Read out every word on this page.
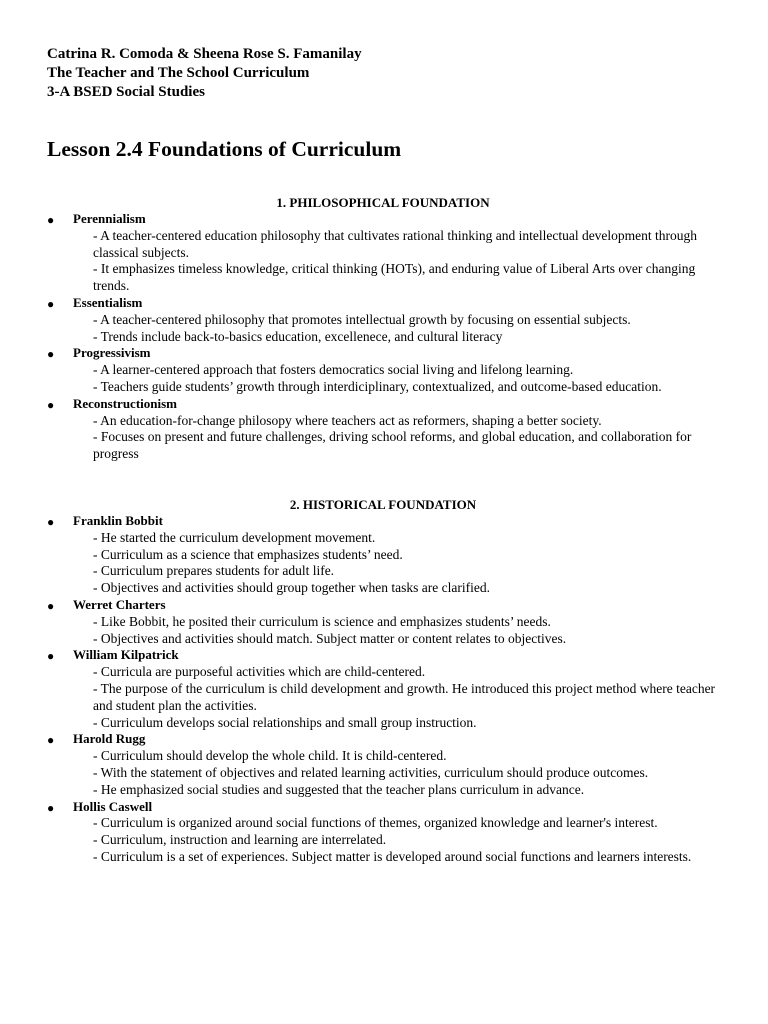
Catrina R. Comoda & Sheena Rose S. Famanilay
The Teacher and The School Curriculum
3-A BSED Social Studies
Lesson 2.4 Foundations of Curriculum
1. PHILOSOPHICAL FOUNDATION
● Perennialism
- A teacher-centered education philosophy that cultivates rational thinking and intellectual development through classical subjects.
- It emphasizes timeless knowledge, critical thinking (HOTs), and enduring value of Liberal Arts over changing trends.
● Essentialism
- A teacher-centered philosophy that promotes intellectual growth by focusing on essential subjects.
- Trends include back-to-basics education, excellenece, and cultural literacy
● Progressivism
- A learner-centered approach that fosters democratics social living and lifelong learning.
- Teachers guide students’ growth through interdiciplinary, contextualized, and outcome-based education.
● Reconstructionism
- An education-for-change philosopy where teachers act as reformers, shaping a better society.
- Focuses on present and future challenges, driving school reforms, and global education, and collaboration for progress
2. HISTORICAL FOUNDATION
● Franklin Bobbit
- He started the curriculum development movement.
- Curriculum as a science that emphasizes students’ need.
- Curriculum prepares students for adult life.
- Objectives and activities should group together when tasks are clarified.
● Werret Charters
- Like Bobbit, he posited their curriculum is science and emphasizes students’ needs.
- Objectives and activities should match. Subject matter or content relates to objectives.
● William Kilpatrick
- Curricula are purposeful activities which are child-centered.
- The purpose of the curriculum is child development and growth. He introduced this project method where teacher and student plan the activities.
- Curriculum develops social relationships and small group instruction.
● Harold Rugg
- Curriculum should develop the whole child. It is child-centered.
- With the statement of objectives and related learning activities, curriculum should produce outcomes.
- He emphasized social studies and suggested that the teacher plans curriculum in advance.
● Hollis Caswell
- Curriculum is organized around social functions of themes, organized knowledge and learner's interest.
- Curriculum, instruction and learning are interrelated.
- Curriculum is a set of experiences. Subject matter is developed around social functions and learners interests.
